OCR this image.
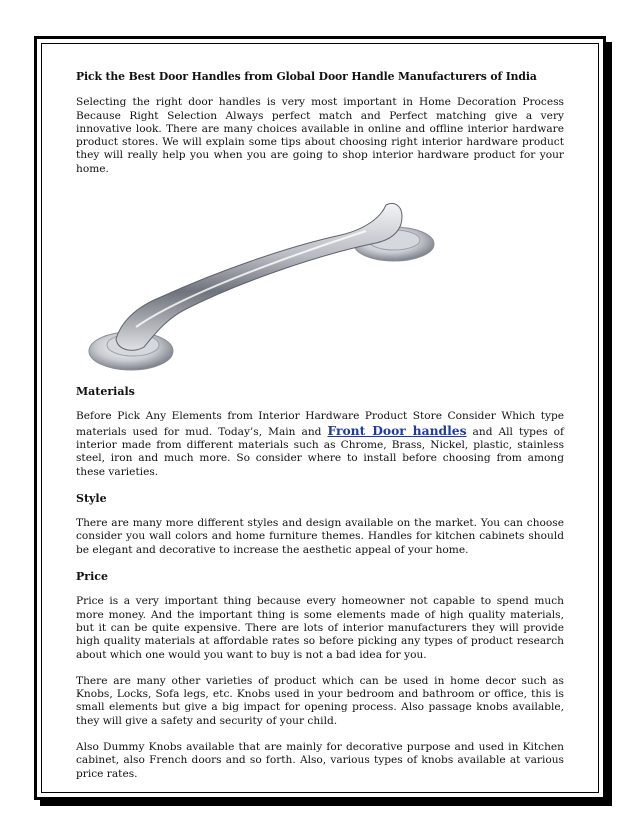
Pick the Best Door Handles from Global Door Handle Manufacturers of India

Selecting the right door handles is very most important in Home Decoration Process Because Right Selection Always perfect match and Perfect matching give a very innovative look. There are many choices available in online and offline interior hardware product stores. We will explain some tips about choosing right interior hardware product they will really help you when you are going to shop interior hardware product for your home.

Materials

Before Pick Any Elements from Interior Hardware Product Store Consider Which type materials used for mud. Today’s, Main and Front Door handles and All types of interior made from different materials such as Chrome, Brass, Nickel, plastic, stainless steel, iron and much more. So consider where to install before choosing from among these varieties.

Style

There are many more different styles and design available on the market. You can choose consider you wall colors and home furniture themes. Handles for kitchen cabinets should be elegant and decorative to increase the aesthetic appeal of your home.

Price

Price is a very important thing because every homeowner not capable to spend much more money. And the important thing is some elements made of high quality materials, but it can be quite expensive. There are lots of interior manufacturers they will provide high quality materials at affordable rates so before picking any types of product research about which one would you want to buy is not a bad idea for you.

There are many other varieties of product which can be used in home decor such as Knobs, Locks, Sofa legs, etc. Knobs used in your bedroom and bathroom or office, this is small elements but give a big impact for opening process. Also passage knobs available, they will give a safety and security of your child.

Also Dummy Knobs available that are mainly for decorative purpose and used in Kitchen cabinet, also French doors and so forth. Also, various types of knobs available at various price rates.
